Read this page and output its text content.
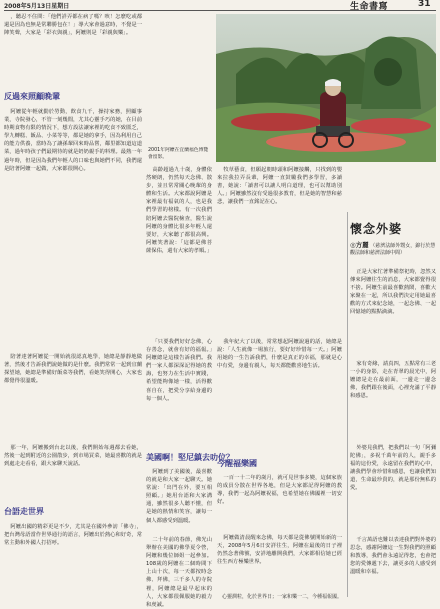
2008年5月13日星期日	生命書寫	31
，聽忍不住問：「他們詳弄都在病了嗎？咳！怎麼吃或都還是因為也無是常聯勝包在！」導大家會過意時，不覺是一陣笑聲，大家是「彩衣與親」，阿嬤則是「彩親與樂」。
反過來照顧晚輩
阿嬤從年輕就勤於勞動，飲食九千，操持家務，照顧事業，寺院發心，不管一刻幾閒，尤其心靈手巧的她，在目前時期食物有限的情況下，想方設法讓家裡的吃食不致匱乏，學九轉糕、飯品、小菜等等，都是她的拿手，因為利用自己的能力供養，當時為了讓孫輩回來時品嘗，鄰里都知道這道菜，過年時孩子們最期待的就是奶奶親手的料理。最熱一年過年時，但是因為我們年輕人的口味也與她們不同，我們還是陪著阿嬤一起做，大家都很開心。
陪著達著阿嬤從一開始就很認真地學，她總是靜靜地做著，然後才告訴我們說她做的是什麼。我們常常一起到宜蘭探望她，她總是準備好飯菜等我們，看她笑得開心，大家也都覺得很溫暖。
那一年，阿嬤搬到台北以後，我們開始每週都去看她，然後一起到附近的公園散步，到市場買菜，她最喜歡的就是到處走走看看，跟大家聊天說話。
台語走世界
阿嬤出國的精彩更是不少，尤其是在國外參訪「佛寺」，把台灣母語當作世界通行的語言，阿嬤出於熱心和好奇，常常主動和外國人打招呼。
2001年阿嬤在宜蘭福色博覽會留影。
高齡超過九十歲，身體依然硬朗，仍然每天念佛、散步，並且常常關心晚輩的身體和生活。大家都說阿嬤是家裡最有福氣的人，也是我們學習的榜樣。有一次我們陪阿嬤去醫院檢查，醫生說阿嬤的身體比很多年輕人還要好，大家聽了都很高興。阿嬤笑著說：「這都是佛菩薩保佑，還有大家的孝順。」
「只要我們好好念佛，心存善念，就會有好的福報。」阿嬤總是這樣告訴我們。我們一家人都深深記得她的教誨，也努力在生活中實踐，希望能夠像她一樣，活得歡喜自在，把愛分享給身邊的每一個人。
美國啊！堅尼鎮去叻位？
阿嬤到了美國後，最喜歡的就是和大家一起聊天。她常說：「出門在外，要互相照顧。」她用台語和大家溝通，雖然很多人聽不懂，但是她的熱情和笑容，讓每一個人都感受到溫暖。
二十年前的春節，佛光山舉辦在美國的佛學夏令營，阿嬤和幾位師姐一起參加。108歲的阿嬤在二個時間下上山十次，每一天都按時念佛、拜佛，三千多人的寺院裡，阿嬤總是最早起床的人，大家都很佩服她的毅力和虔誠。
牧草藝食，但願起朝時頭和阿嬤接觸，只找到的嬰來拉我拉弄長輩，阿嬤一直鼓勵我們多學習，多讀書，她說：「讀書可以讓人明白道理，也可以幫助別人。」阿嬤雖然沒有受過很多教育，但是她的智慧和慈悲，讓我們一直銘記在心。
我年紀大了以後，常常想起阿嬤說過的話，她總是說：「人生就像一場旅行，要好好珍惜每一天。」阿嬤用她的一生告訴我們，什麼是真正的幸福，那就是心中有愛，身邊有親人，每天都能歡喜地生活。
今醒福樂國
一百一十二年的歲月，就可見世事多變，這個家族的成員分散在世界各地，但是大家都記得阿嬤的教導，我們一起為阿嬤祝福，也希望她在佛國裡一切安好。
阿嬤做清晨醒來念佛，每天都是從佛號開始新的一天，2008年5月6日安詳往生，阿嬤在最後的日子裡仍然念著佛號，安詳地離開我們，大家都相信她已經往生西方極樂世界。
懷念外婆
◎方麗 （慈濟法師外甥女，錦行於慧觀法師和慈濟法師中間）
正是大家忙著準備祭祀時，忽然又傳來阿嬤往生的消息，大家都覺得很不捨。阿嬤生前最喜歡熱鬧，喜歡大家聚在一起，所以我們決定用她最喜歡的方式來紀念她，一起念佛、一起回憶她的點點滴滴。
家有奇緣，請真四，五點常有三老一小的身影，走在青翠的晨光中，阿嬤總是走在最前面，一邊走一邊念佛，我們跟在後面，心裡充滿了平靜和感恩。
外婆見我們，把我們以一句「阿彌陀佛」，多祝千萬年前的人，親手多福的這份愛，永遠留在我們的心中，讓我們學會珍惜和感恩，也讓我們知道，生命最珍貴的，就是那份無私的愛。
千言萬語也難以表達我們對外婆的思念，感謝阿嬤這一生對我們的照顧和教導，我們會永遠記得您，也會把您的愛傳遞下去，讓更多的人感受到溫暖和幸福。
心靈潤粒，化於世界日；一家和樂一二，今種福報國。
